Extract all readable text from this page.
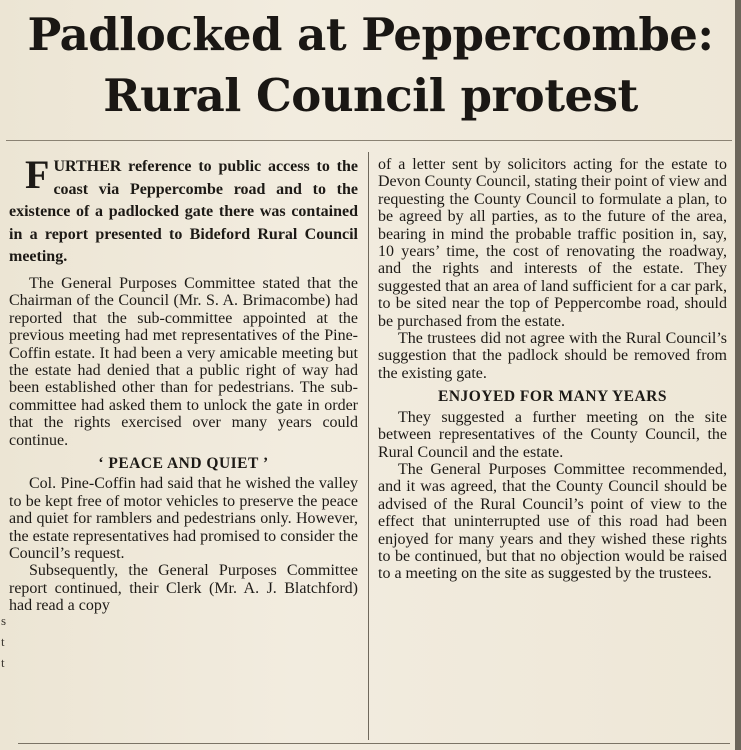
Padlocked at Peppercombe:
Rural Council protest

FURTHER reference to public access to the coast via Peppercombe road and to the existence of a padlocked gate there was contained in a report presented to Bideford Rural Council meeting.

The General Purposes Committee stated that the Chairman of the Council (Mr. S. A. Brimacombe) had reported that the sub-committee appointed at the previous meeting had met representatives of the Pine-Coffin estate. It had been a very amicable meeting but the estate had denied that a public right of way had been established other than for pedestrians. The sub-committee had asked them to unlock the gate in order that the rights exercised over many years could continue.

‘ PEACE AND QUIET ’

Col. Pine-Coffin had said that he wished the valley to be kept free of motor vehicles to preserve the peace and quiet for ramblers and pedestrians only. However, the estate representatives had promised to consider the Council’s request.

Subsequently, the General Purposes Committee report continued, their Clerk (Mr. A. J. Blatchford) had read a copy

of a letter sent by solicitors acting for the estate to Devon County Council, stating their point of view and requesting the County Council to formulate a plan, to be agreed by all parties, as to the future of the area, bearing in mind the probable traffic position in, say, 10 years’ time, the cost of renovating the roadway, and the rights and interests of the estate. They suggested that an area of land sufficient for a car park, to be sited near the top of Peppercombe road, should be purchased from the estate.

The trustees did not agree with the Rural Council’s suggestion that the padlock should be removed from the existing gate.

ENJOYED FOR MANY YEARS

They suggested a further meeting on the site between representatives of the County Council, the Rural Council and the estate.

The General Purposes Committee recommended, and it was agreed, that the County Council should be advised of the Rural Council’s point of view to the effect that uninterrupted use of this road had been enjoyed for many years and they wished these rights to be continued, but that no objection would be raised to a meeting on the site as suggested by the trustees.

s
t
t
